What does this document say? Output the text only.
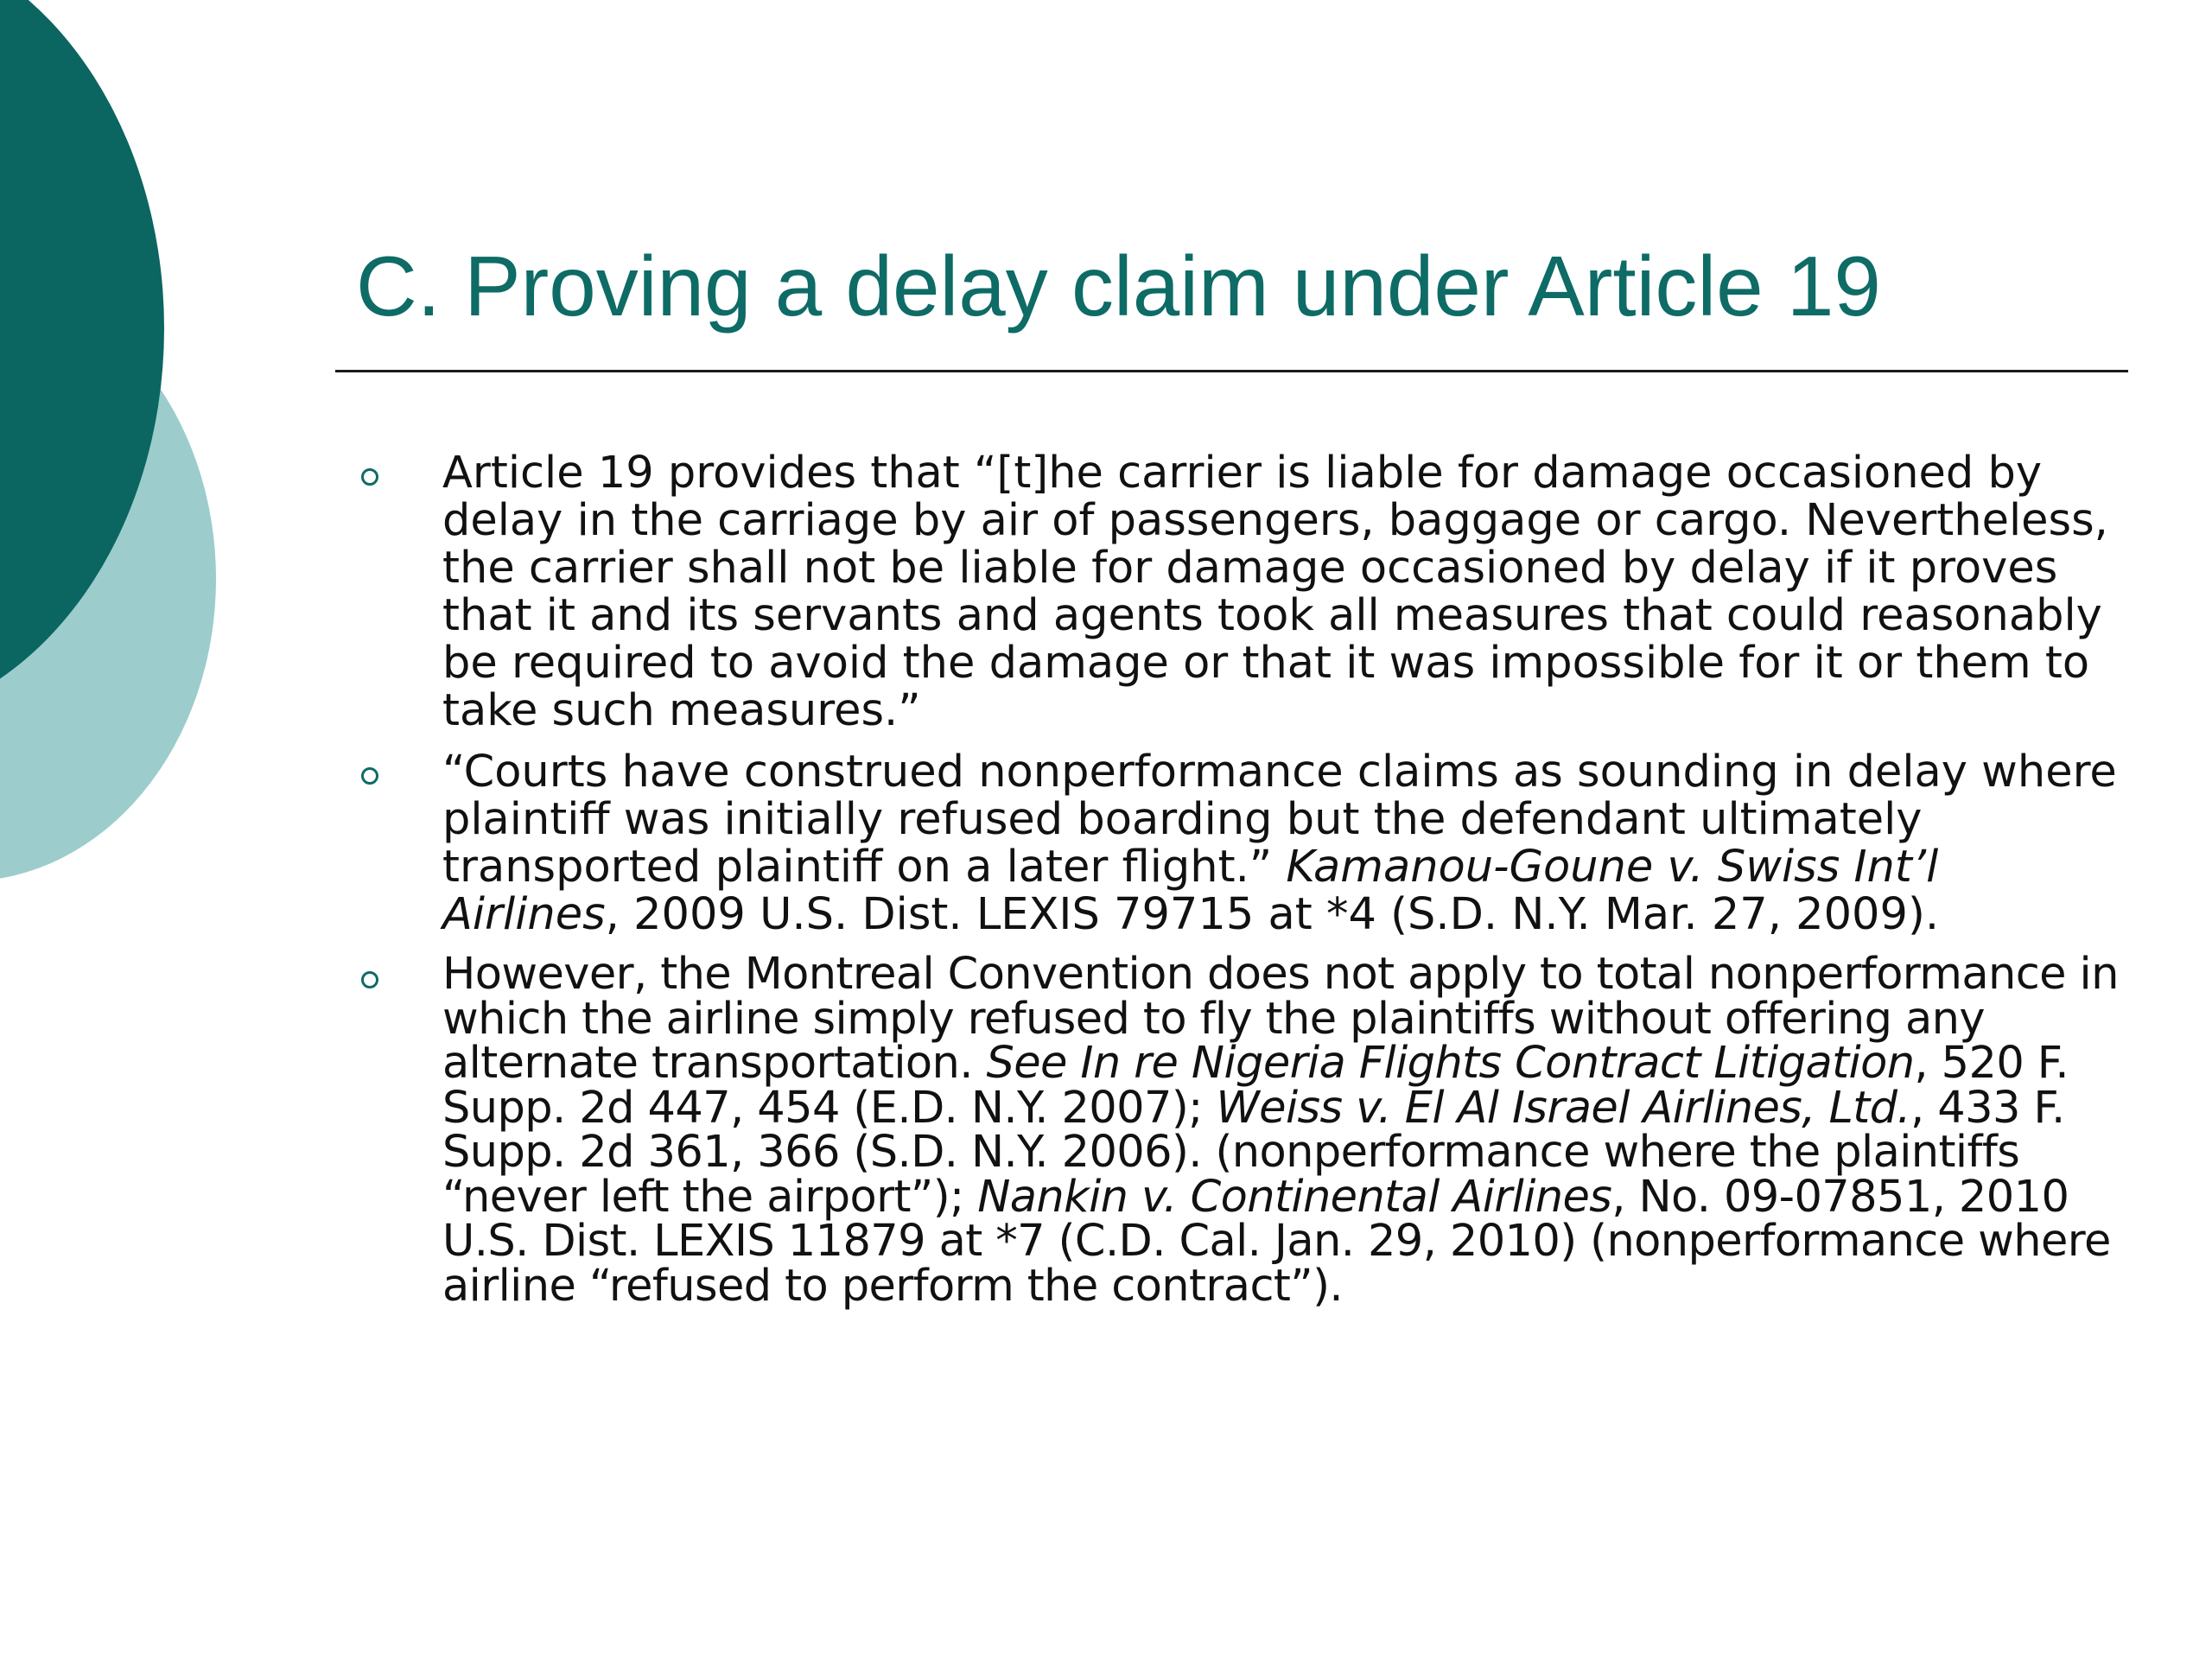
C. Proving a delay claim under Article 19
Article 19 provides that “[t]he carrier is liable for damage occasioned by delay in the carriage by air of passengers, baggage or cargo. Nevertheless, the carrier shall not be liable for damage occasioned by delay if it proves that it and its servants and agents took all measures that could reasonably be required to avoid the damage or that it was impossible for it or them to take such measures.”
“Courts have construed nonperformance claims as sounding in delay where plaintiff was initially refused boarding but the defendant ultimately transported plaintiff on a later flight.” Kamanou-Goune v. Swiss Int’l Airlines, 2009 U.S. Dist. LEXIS 79715 at *4 (S.D. N.Y. Mar. 27, 2009).
However, the Montreal Convention does not apply to total nonperformance in which the airline simply refused to fly the plaintiffs without offering any alternate transportation. See In re Nigeria Flights Contract Litigation, 520 F. Supp. 2d 447, 454 (E.D. N.Y. 2007); Weiss v. El Al Israel Airlines, Ltd., 433 F. Supp. 2d 361, 366 (S.D. N.Y. 2006). (nonperformance where the plaintiffs “never left the airport”); Nankin v. Continental Airlines, No. 09-07851, 2010 U.S. Dist. LEXIS 11879 at *7 (C.D. Cal. Jan. 29, 2010) (nonperformance where airline “refused to perform the contract”).
